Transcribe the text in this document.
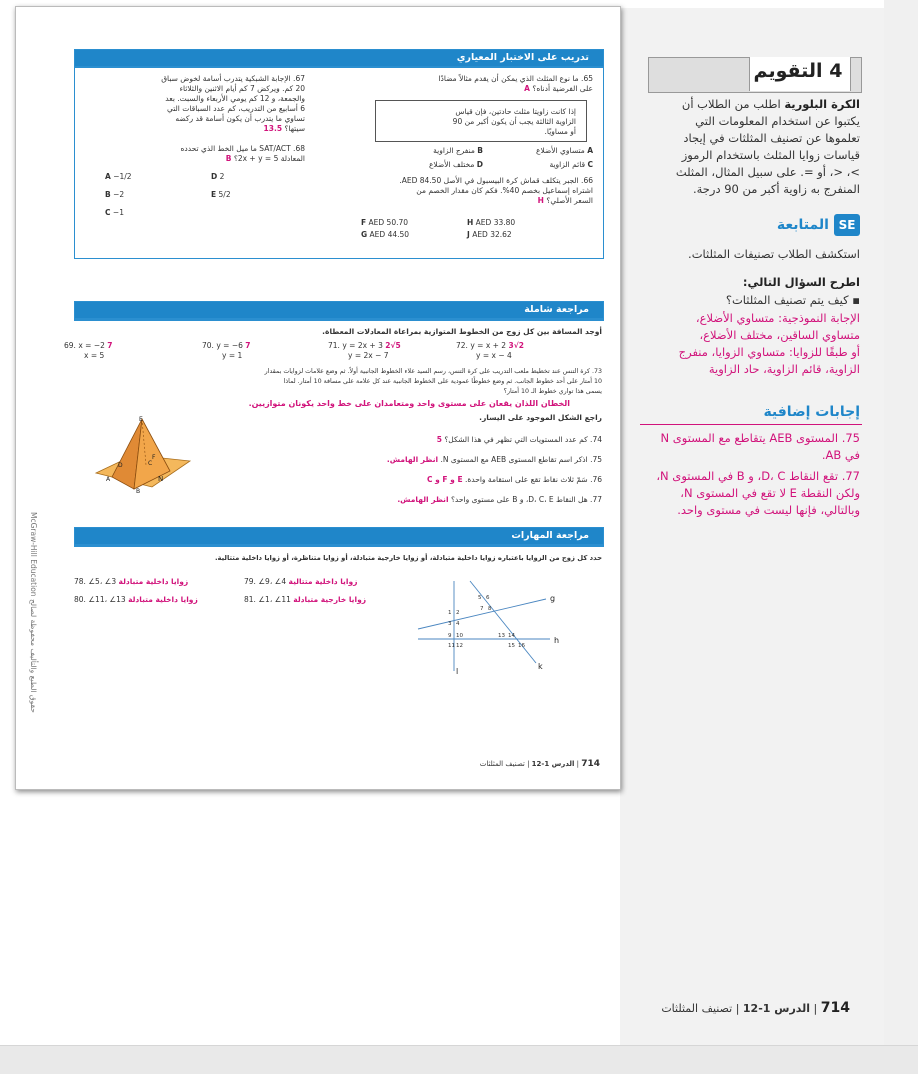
تدريب على الاختبار المعياري
65. ما نوع المثلث الذي يمكن أن يقدم مثالاً مضادًا
على الفرضية أدناه؟ A
إذا كانت زاويتا مثلث حادتين، فإن قياس
الزاوية الثالثة يجب أن يكون أكبر من 90
أو مساويًا.
A متساوي الأضلاع
B منفرج الزاوية
C قائم الزاوية
D مختلف الأضلاع
66. الجبر يتكلف قماش كرة البيسبول في الأصل AED 84.50.
اشتراه إسماعيل بخصم 40%. فكم كان مقدار الخصم من
السعر الأصلي؟ H
F AED 50.70	H AED 33.80
G AED 44.50	J AED 32.62
67. الإجابة الشبكية يتدرب أسامة لخوض سباق
20 كم. ويركض 7 كم أيام الاثنين والثلاثاء
والجمعة، و 12 كم يومي الأربعاء والسبت. بعد
6 أسابيع من التدريب، كم عدد السباقات التي
تساوي ما يتدرب أن يكون أسامة قد ركضه
سيتها؟ 13.5
68. SAT/ACT ما ميل الخط الذي تحدده
المعادلة 2x + y = 5؟ B
A −1/2	D 2
B −2	E 5/2
C −1
مراجعة شاملة
أوجد المسافة بين كل زوج من الخطوط المتوازية بمراعاة المعادلات المعطاة.
69. x = −2 7
x = 5
70. y = −6 7
y = 1
71. y = 2x + 3 2√5
y = 2x − 7
72. y = x + 2 3√2
y = x − 4
73. كرة التنس عند تخطيط ملعب التدريب على كرة التنس، رسم السيد علاء الخطوط الجانبية أولاً. ثم وضع علامات لزوايات بمقدار
10 أمتار على أحد خطوط الجانب. ثم وضع خطوطًا عمودية على الخطوط الجانبية عند كل علامة على مسافة 10 أمتار. لماذا
يسمى هذا تواري خطوط الـ 10 أمتار؟
الخطان اللذان يقعان على مستوى واحد ومتعامدان على خط واحد يكونان متوازيين.
راجع الشكل الموجود على اليسار.
74. كم عدد المستويات التي تظهر في هذا الشكل؟ 5
75. اذكر اسم تقاطع المستوى AEB مع المستوى N. انظر الهامش.
76. سَمّ ثلاث نقاط تقع على استقامة واحدة. E و F و C
77. هل النقاط D، C، E، و B على مستوى واحد؟ انظر الهامش.
E
D	C
F
A
B
N
مراجعة المهارات
حدد كل زوج من الزوايا باعتباره زوايا داخلية متبادلة، أو زوايا خارجية متبادلة، أو زوايا متناظرة، أو زوايا داخلية متتالية.
78. ∠5، ∠3 زوايا داخلية متبادلة	79. ∠9، ∠4 زوايا داخلية متتالية
80. ∠11، ∠13 زوايا داخلية متبادلة	81. ∠1، ∠11 زوايا خارجية متبادلة	g
h
k
l
1 2
3 4
5 6
7 8
9 10
11 12
13 14
15 16
McGraw-Hill Education حقوق الطبع والتأليف محفوظة لصالح
714 | الدرس 1-12 | تصنيف المثلثات
4 التقويم
الكرة البلورية اطلب من الطلاب أن
يكتبوا عن استخدام المعلومات التي
تعلموها عن تصنيف المثلثات في إيجاد
قياسات زوايا المثلث باستخدام الرموز
>، <، أو =. على سبيل المثال، المثلث
المنفرج به زاوية أكبر من 90 درجة.
SE المتابعة
استكشف الطلاب تصنيفات المثلثات.
اطرح السؤال التالي:
▪ كيف يتم تصنيف المثلثات؟
الإجابة النموذجية: متساوي الأضلاع،
متساوي الساقين، مختلف الأضلاع،
أو طبقًا للزوايا: متساوي الزوايا، منفرج
الزاوية، قائم الزاوية، حاد الزاوية
إجابات إضافية
75. المستوى AEB يتقاطع مع المستوى N
في AB.
77. تقع النقاط D، C، و B في المستوى N،
ولكن النقطة E لا تقع في المستوى N،
وبالتالي، فإنها ليست في مستوى واحد.
714 | الدرس 1-12 | تصنيف المثلثات
